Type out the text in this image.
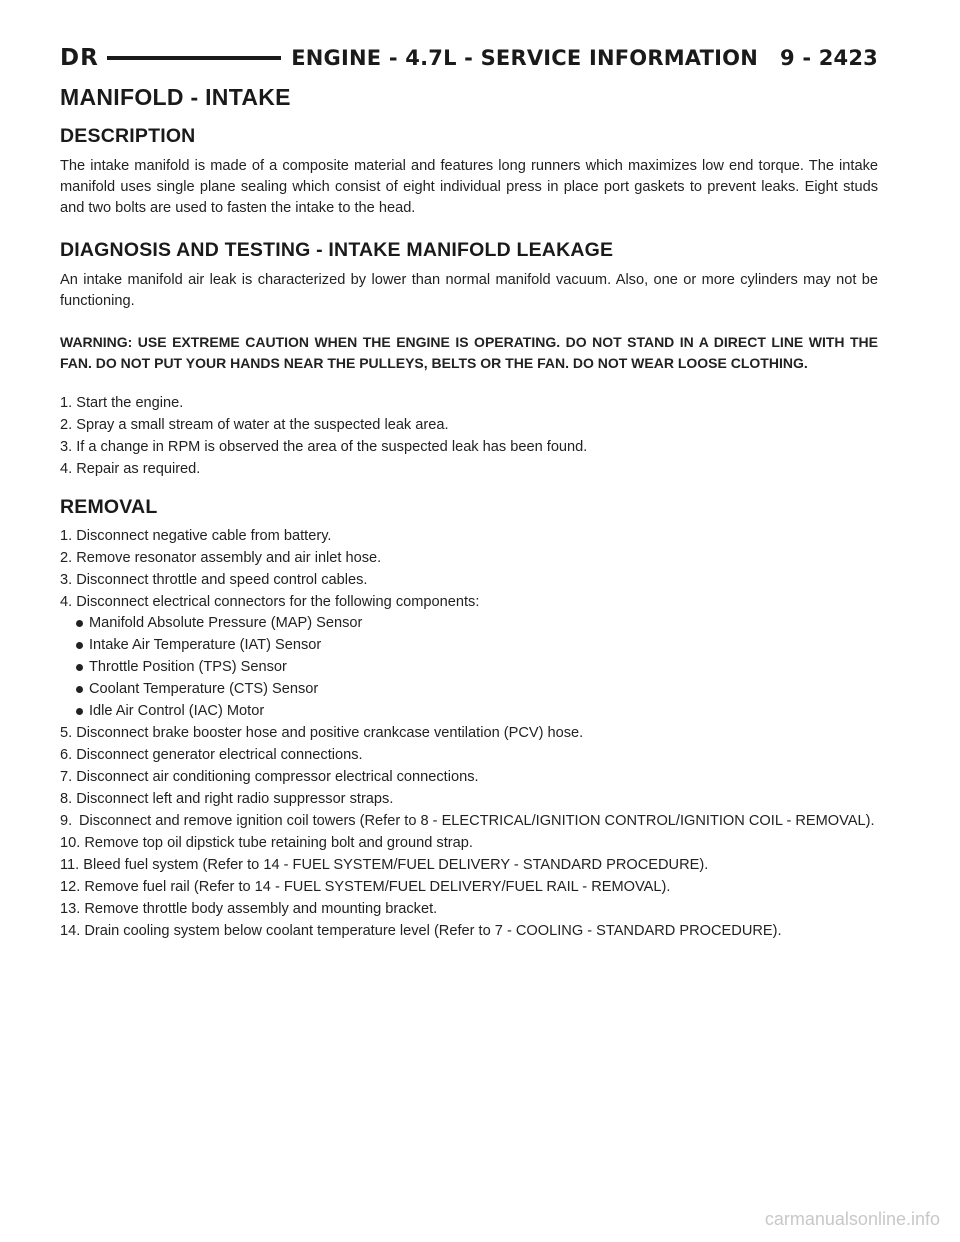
DR	ENGINE - 4.7L - SERVICE INFORMATION 9 - 2423
MANIFOLD - INTAKE
DESCRIPTION

The intake manifold is made of a composite material and features long runners which maximizes low end torque. The intake manifold uses single plane sealing which consist of eight individual press in place port gaskets to prevent leaks. Eight studs and two bolts are used to fasten the intake to the head.

DIAGNOSIS AND TESTING - INTAKE MANIFOLD LEAKAGE

An intake manifold air leak is characterized by lower than normal manifold vacuum. Also, one or more cylinders may not be functioning.

WARNING: USE EXTREME CAUTION WHEN THE ENGINE IS OPERATING. DO NOT STAND IN A DIRECT LINE WITH THE FAN. DO NOT PUT YOUR HANDS NEAR THE PULLEYS, BELTS OR THE FAN. DO NOT WEAR LOOSE CLOTHING.

1. Start the engine.
2. Spray a small stream of water at the suspected leak area.
3. If a change in RPM is observed the area of the suspected leak has been found.
4. Repair as required.
REMOVAL
1. Disconnect negative cable from battery.
2. Remove resonator assembly and air inlet hose.
3. Disconnect throttle and speed control cables.
4. Disconnect electrical connectors for the following components:
Manifold Absolute Pressure (MAP) Sensor
Intake Air Temperature (IAT) Sensor
Throttle Position (TPS) Sensor
Coolant Temperature (CTS) Sensor
Idle Air Control (IAC) Motor
5. Disconnect brake booster hose and positive crankcase ventilation (PCV) hose.
6. Disconnect generator electrical connections.
7. Disconnect air conditioning compressor electrical connections.
8. Disconnect left and right radio suppressor straps.
9. Disconnect and remove ignition coil towers (Refer to 8 - ELECTRICAL/IGNITION CONTROL/IGNITION COIL - REMOVAL).
10. Remove top oil dipstick tube retaining bolt and ground strap.
11. Bleed fuel system (Refer to 14 - FUEL SYSTEM/FUEL DELIVERY - STANDARD PROCEDURE).
12. Remove fuel rail (Refer to 14 - FUEL SYSTEM/FUEL DELIVERY/FUEL RAIL - REMOVAL).
13. Remove throttle body assembly and mounting bracket.
14. Drain cooling system below coolant temperature level (Refer to 7 - COOLING - STANDARD PROCEDURE).
carmanualsonline.info
